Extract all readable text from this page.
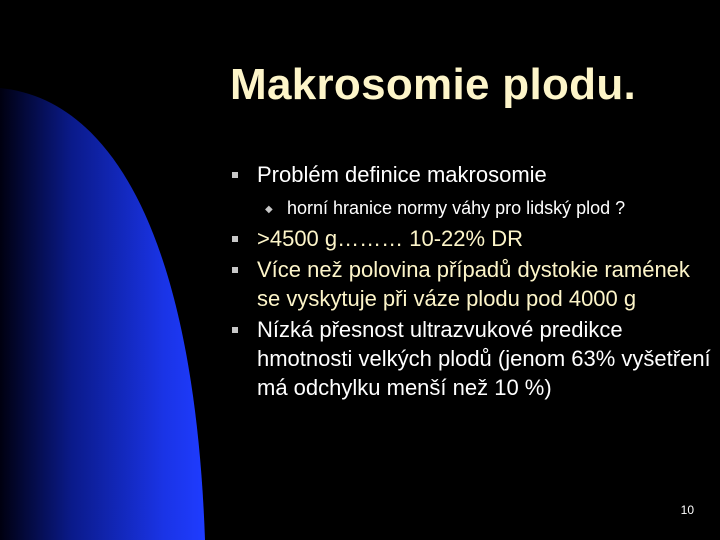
Makrosomie plodu.
Problém definice makrosomie
◆ horní hranice normy váhy pro lidský plod ?
>4500 g……… 10-22% DR
Více než polovina případů dystokie ramének se vyskytuje při váze plodu pod 4000 g
Nízká přesnost ultrazvukové predikce hmotnosti velkých plodů (jenom 63% vyšetření má odchylku menší než 10 %)
10
